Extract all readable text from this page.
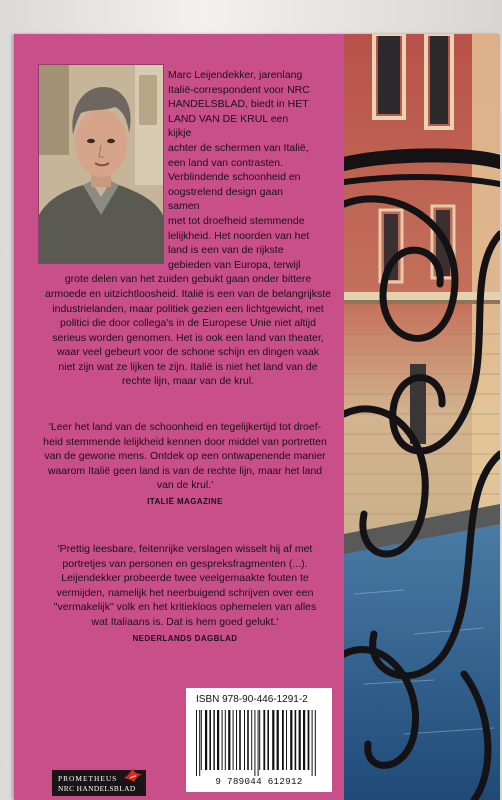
Marc Leijendekker, jarenlang

Italië-correspondent voor NRC

HANDELSBLAD, biedt in HET

LAND VAN DE KRUL een kijkje

achter de schermen van Italië,

een land van contrasten.

Verblindende schoonheid en

oogstrelend design gaan samen

met tot droefheid stemmende

lelijkheid. Het noorden van het

land is een van de rijkste

gebieden van Europa, terwijl

grote delen van het zuiden gebukt gaan onder bittere

armoede en uitzichtloosheid. Italië is een van de belangrijkste

industrielanden, maar politiek gezien een lichtgewicht, met

politici die door collega's in de Europese Unie niet altijd

serieus worden genomen. Het is ook een land van theater,

waar veel gebeurt voor de schone schijn en dingen vaak

niet zijn wat ze lijken te zijn. Italië is niet het land van de

rechte lijn, maar van de krul.

'Leer het land van de schoonheid en tegelijkertijd tot droef-
heid stemmende lelijkheid kennen door middel van portretten
van de gewone mens. Ontdek op een ontwapenende manier
waarom Italië geen land is van de rechte lijn, maar het land
van de krul.'
ITALIË MAGAZINE
'Prettig leesbare, feitenrijke verslagen wisselt hij af met
portretjes van personen en gespreksfragmenten (...).
Leijendekker probeerde twee veelgemaakte fouten te
vermijden, namelijk het neerbuigend schrijven over een
"vermakelijk" volk en het kritiekloos ophemelen van alles
wat Italiaans is. Dat is hem goed gelukt.'
NEDERLANDS DAGBLAD
ISBN 978-90-446-1291-2
9 789044 612912
PROMETHEUS
NRC HANDELSBLAD
